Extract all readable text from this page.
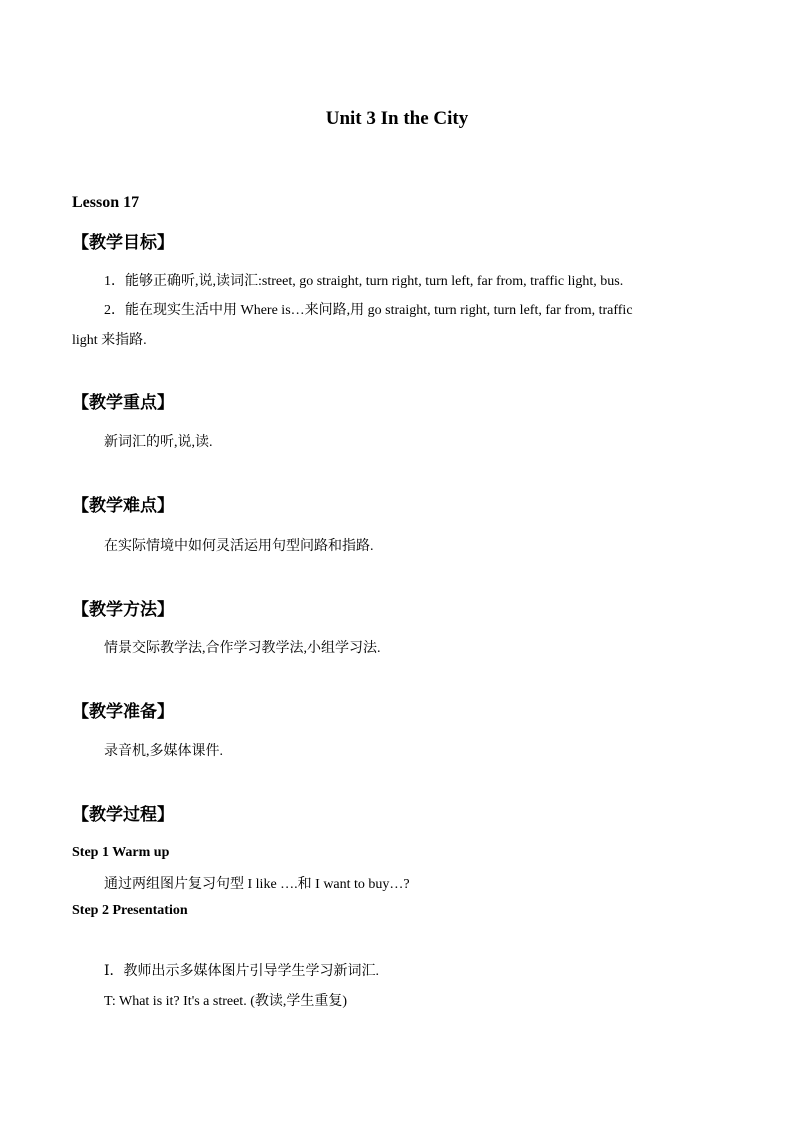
Unit 3 In the City
Lesson 17
【教学目标】
1．能够正确听,说,读词汇:street, go straight, turn right, turn left, far from, traffic light, bus.
2．能在现实生活中用 Where is…来问路,用 go straight, turn right, turn left, far from, traffic
light 来指路.
【教学重点】
新词汇的听,说,读.
【教学难点】
在实际情境中如何灵活运用句型问路和指路.
【教学方法】
情景交际教学法,合作学习教学法,小组学习法.
【教学准备】
录音机,多媒体课件.
【教学过程】
Step 1 Warm up
通过两组图片复习句型 I like ….和 I want to buy…?
Step 2 Presentation
Ⅰ．教师出示多媒体图片引导学生学习新词汇.
T: What is it? It's a street. (教读,学生重复)
